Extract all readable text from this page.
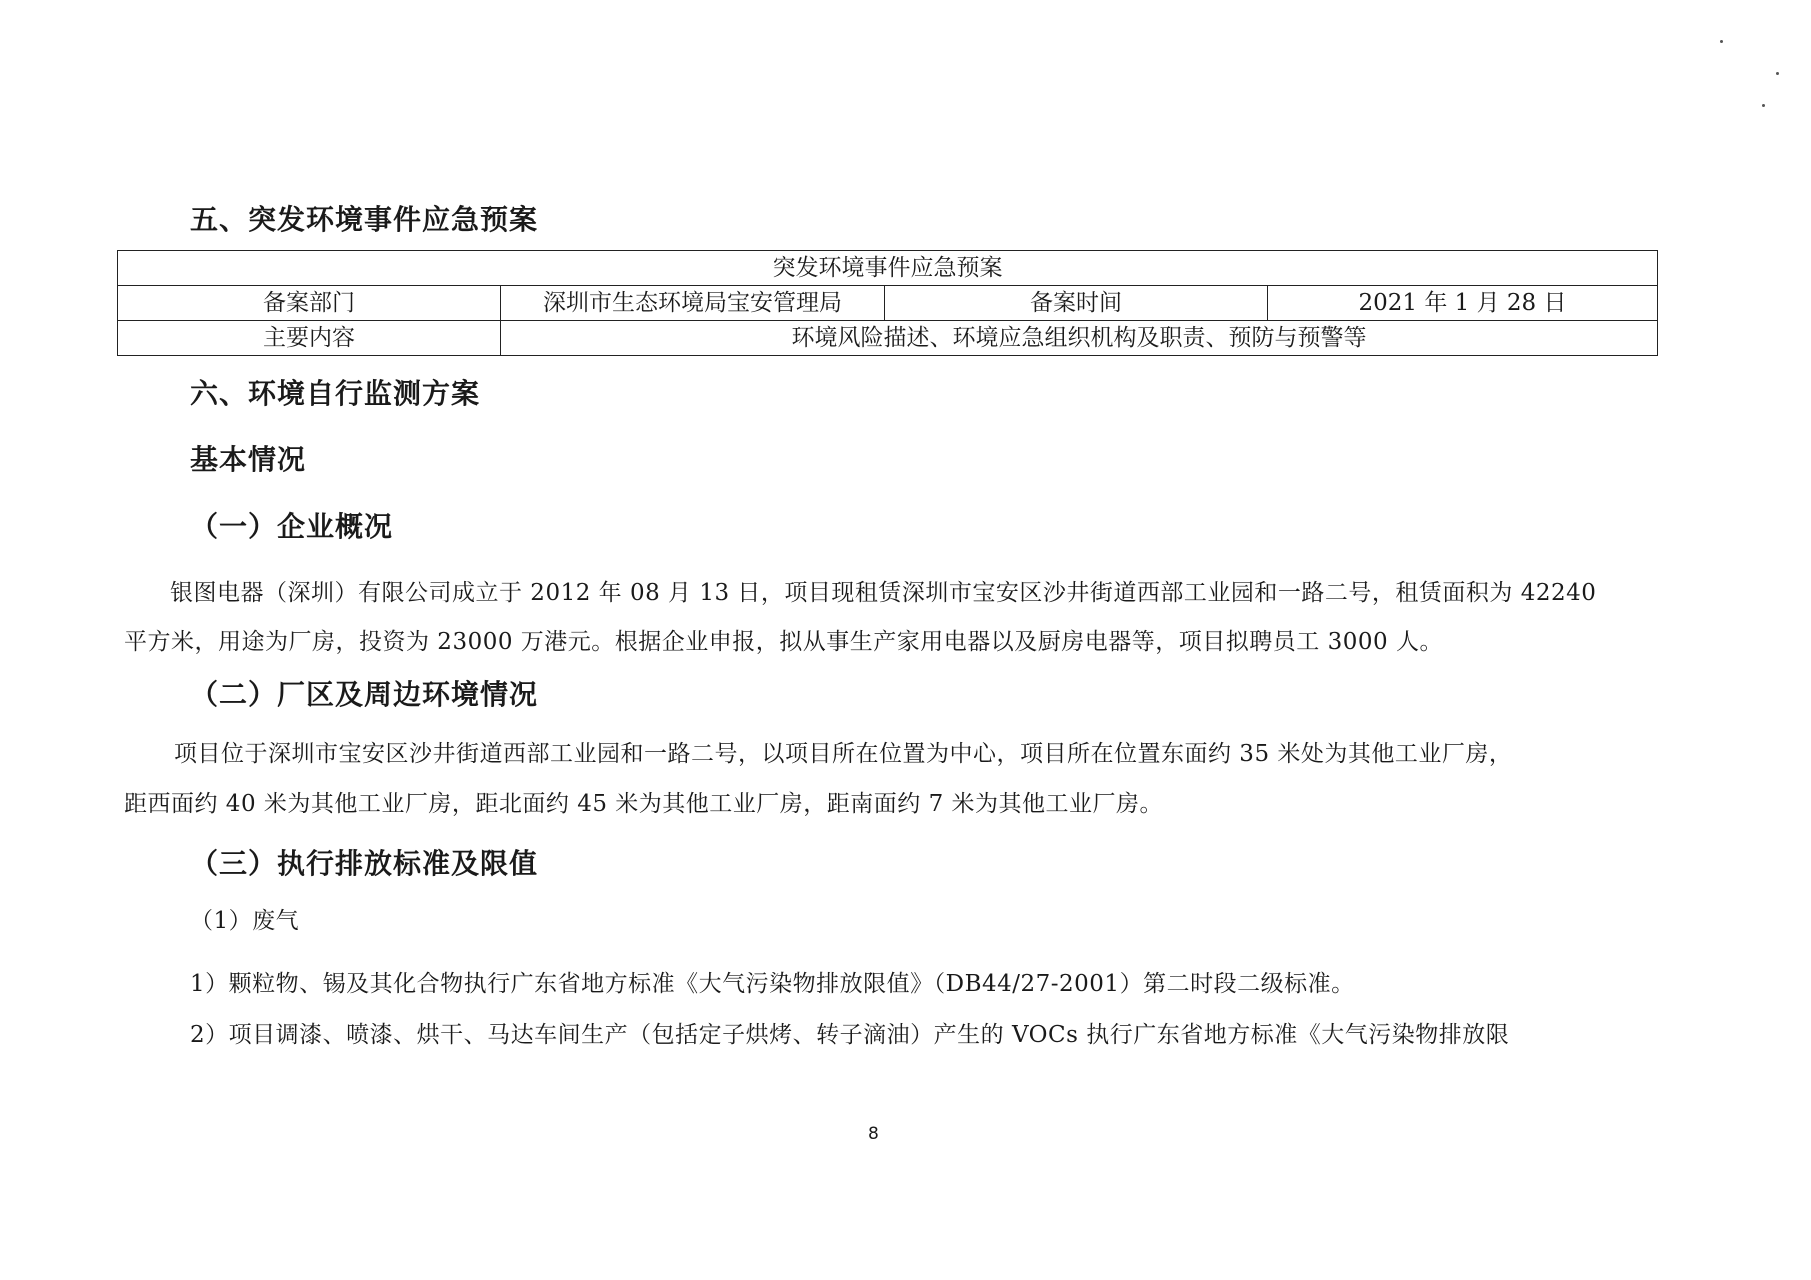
五、突发环境事件应急预案
突发环境事件应急预案			
备案部门	深圳市生态环境局宝安管理局	备案时间	2021 年 1 月 28 日
主要内容	环境风险描述、环境应急组织机构及职责、预防与预警等		
六、环境自行监测方案
基本情况
（一）企业概况
银图电器（深圳）有限公司成立于 2012 年 08 月 13 日，项目现租赁深圳市宝安区沙井街道西部工业园和一路二号，租赁面积为 42240
平方米，用途为厂房，投资为 23000 万港元。根据企业申报，拟从事生产家用电器以及厨房电器等，项目拟聘员工 3000 人。
（二）厂区及周边环境情况
项目位于深圳市宝安区沙井街道西部工业园和一路二号，以项目所在位置为中心，项目所在位置东面约 35 米处为其他工业厂房，
距西面约 40 米为其他工业厂房，距北面约 45 米为其他工业厂房，距南面约 7 米为其他工业厂房。
（三）执行排放标准及限值
（1）废气
1）颗粒物、锡及其化合物执行广东省地方标准《大气污染物排放限值》（DB44/27-2001）第二时段二级标准。
2）项目调漆、喷漆、烘干、马达车间生产（包括定子烘烤、转子滴油）产生的 VOCs 执行广东省地方标准《大气污染物排放限
8
